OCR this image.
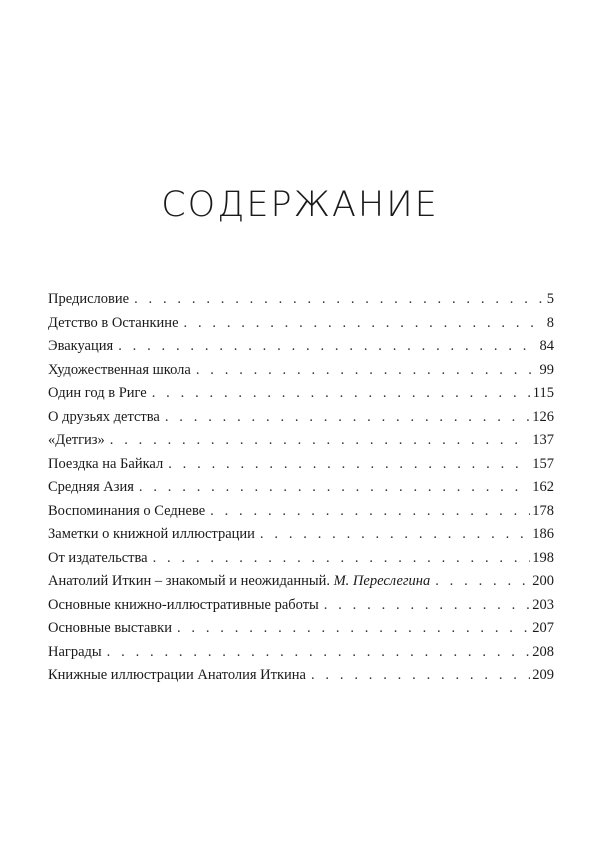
СОДЕРЖАНИЕ
Предисловие . . .	5
Детство в Останкине . . .	8
Эвакуация . . .	84
Художественная школа . . .	99
Один год в Риге . . .	115
О друзьях детства . . .	126
«Детгиз» . . .	137
Поездка на Байкал . . .	157
Средняя Азия . . .	162
Воспоминания о Седневе . . .	178
Заметки о книжной иллюстрации . . .	186
От издательства . . .	198
Анатолий Иткин – знакомый и неожиданный. М. Переслегина . . .	200
Основные книжно-иллюстративные работы . . .	203
Основные выставки . . .	207
Награды . . .	208
Книжные иллюстрации Анатолия Иткина . . .	209
